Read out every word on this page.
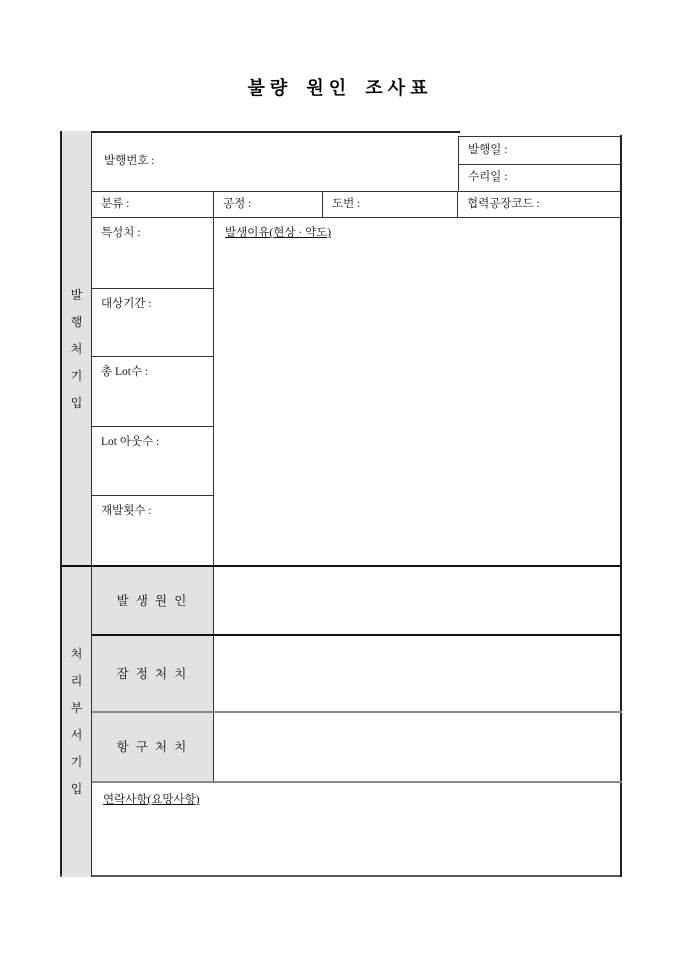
불량 원인 조사표
발행처기입
처리부서기입
발행번호 :
발행일 :
수리일 :
분류 :	공정 :	도번 :	협력공장코드 :
특성치 :
대상기간 :
총 Lot수 :
Lot 아웃수 :
재발횟수 :
발생이유(현상 · 약도)
발 생 원 인
잠 정 처 치
항 구 처 치
연락사항(요망사항)
